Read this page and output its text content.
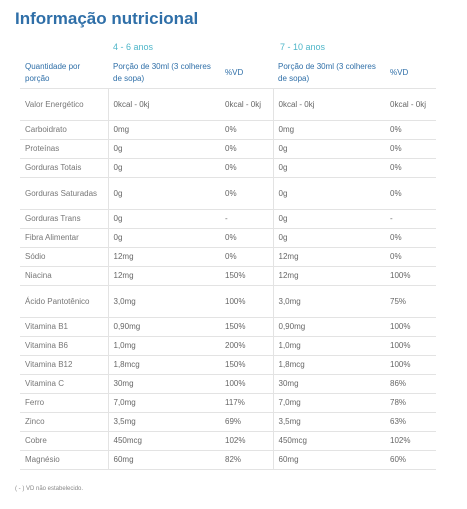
Informação nutricional
4 - 6 anos	7 - 10 anos
Quantidade por porção	Porção de 30ml (3 colheres de sopa)	%VD	Porção de 30ml (3 colheres de sopa)	%VD
Valor Energético	0kcal - 0kj	0kcal - 0kj	0kcal - 0kj	0kcal - 0kj
Carboidrato	0mg	0%	0mg	0%
Proteínas	0g	0%	0g	0%
Gorduras Totais	0g	0%	0g	0%
Gorduras Saturadas	0g	0%	0g	0%
Gorduras Trans	0g	-	0g	-
Fibra Alimentar	0g	0%	0g	0%
Sódio	12mg	0%	12mg	0%
Niacina	12mg	150%	12mg	100%
Ácido Pantotênico	3,0mg	100%	3,0mg	75%
Vitamina B1	0,90mg	150%	0,90mg	100%
Vitamina B6	1,0mg	200%	1,0mg	100%
Vitamina B12	1,8mcg	150%	1,8mcg	100%
Vitamina C	30mg	100%	30mg	86%
Ferro	7,0mg	117%	7,0mg	78%
Zinco	3,5mg	69%	3,5mg	63%
Cobre	450mcg	102%	450mcg	102%
Magnésio	60mg	82%	60mg	60%
( - ) VD não estabelecido.
